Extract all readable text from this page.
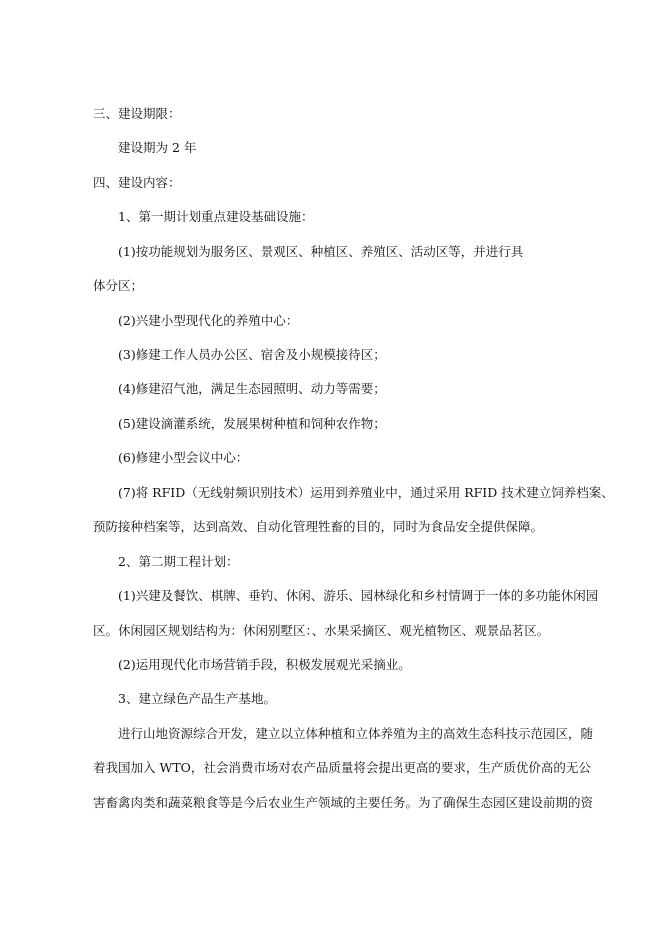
三、建设期限：
建设期为 2 年
四、建设内容：
1、第一期计划重点建设基础设施：
(1)按功能规划为服务区、景观区、种植区、养殖区、活动区等，并进行具
体分区；
(2)兴建小型现代化的养殖中心：
(3)修建工作人员办公区、宿舍及小规模接待区；
(4)修建沼气池，满足生态园照明、动力等需要；
(5)建设滴灌系统，发展果树种植和饲种农作物；
(6)修建小型会议中心：
(7)将 RFID（无线射频识别技术）运用到养殖业中，通过采用 RFID 技术建立饲养档案、
预防接种档案等，达到高效、自动化管理牲畜的目的，同时为食品安全提供保障。
2、第二期工程计划：
(1)兴建及餐饮、棋牌、垂钓、休闲、游乐、园林绿化和乡村情调于一体的多功能休闲园
区。休闲园区规划结构为：休闲别墅区：、水果采摘区、观光植物区、观景品茗区。
(2)运用现代化市场营销手段，积极发展观光采摘业。
3、建立绿色产品生产基地。
进行山地资源综合开发，建立以立体种植和立体养殖为主的高效生态科技示范园区，随
着我国加入 WTO，社会消费市场对农产品质量将会提出更高的要求，生产质优价高的无公
害畜禽肉类和蔬菜粮食等是今后农业生产领域的主要任务。为了确保生态园区建设前期的资
